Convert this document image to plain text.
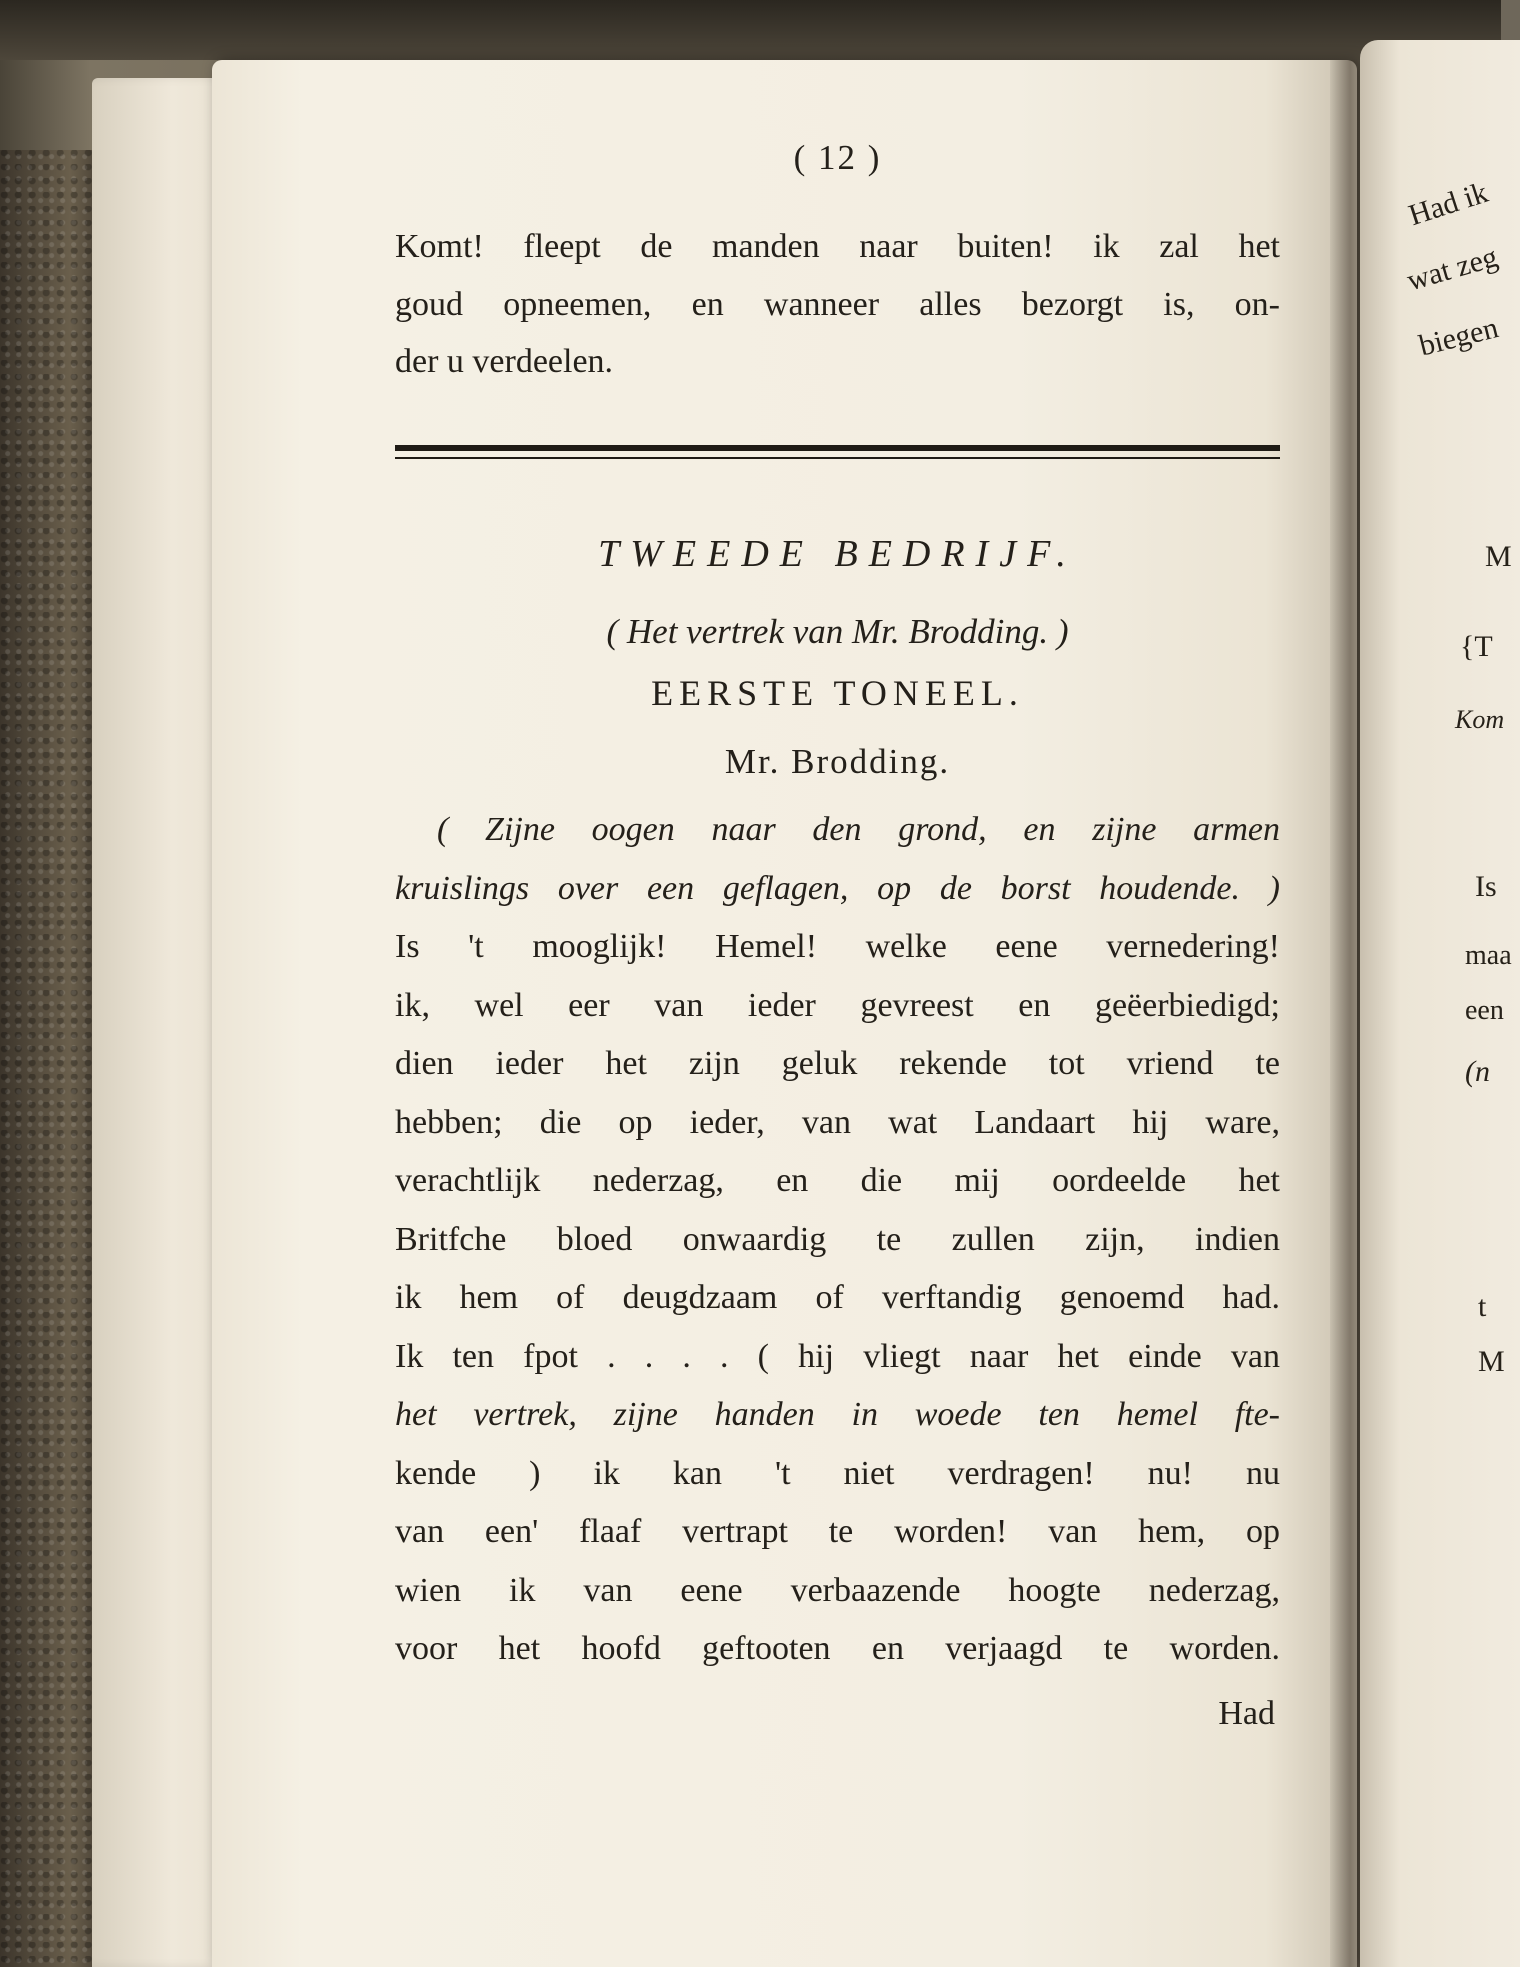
( 12 )
Komt! fleept de manden naar buiten! ik zal het
goud opneemen, en wanneer alles bezorgt is, on-
der u verdeelen.
TWEEDE BEDRIJF.
( Het vertrek van Mr. Brodding. )
EERSTE TONEEL.
Mr. Brodding.
( Zijne oogen naar den grond, en zijne armen
kruislings over een geflagen, op de borst houdende. )
Is 't mooglijk! Hemel! welke eene vernedering!
ik, wel eer van ieder gevreest en geëerbiedigd;
dien ieder het zijn geluk rekende tot vriend te
hebben; die op ieder, van wat Landaart hij ware,
verachtlijk nederzag, en die mij oordeelde het
Britfche bloed onwaardig te zullen zijn, indien
ik hem of deugdzaam of verftandig genoemd had.
Ik ten fpot . . . . ( hij vliegt naar het einde van
het vertrek, zijne handen in woede ten hemel fte-
kende ) ik kan 't niet verdragen! nu! nu
van een' flaaf vertrapt te worden! van hem, op
wien ik van eene verbaazende hoogte nederzag,
voor het hoofd geftooten en verjaagd te worden.
Had
Had ik
wat zeg
biegen
M
{T
Kom
Is
maa
een
(n
t
M
